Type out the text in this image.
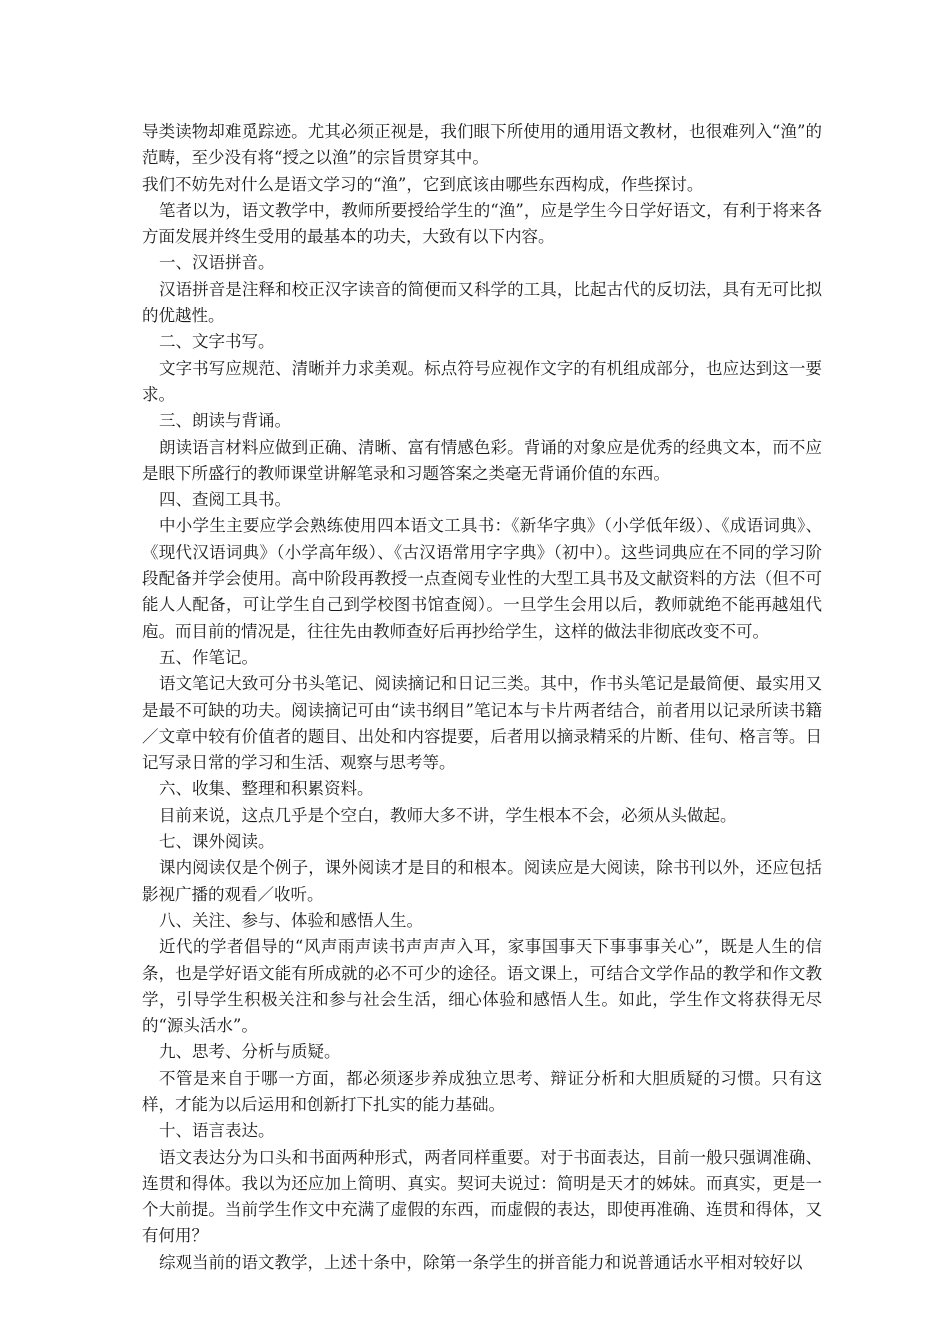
导类读物却难觅踪迹。尤其必须正视是，我们眼下所使用的通用语文教材，也很难列入“渔”的范畴，至少没有将“授之以渔”的宗旨贯穿其中。

我们不妨先对什么是语文学习的“渔”，它到底该由哪些东西构成，作些探讨。

笔者以为，语文教学中，教师所要授给学生的“渔”，应是学生今日学好语文，有利于将来各方面发展并终生受用的最基本的功夫，大致有以下内容。

一、汉语拼音。

汉语拼音是注释和校正汉字读音的简便而又科学的工具，比起古代的反切法，具有无可比拟的优越性。

二、文字书写。

文字书写应规范、清晰并力求美观。标点符号应视作文字的有机组成部分，也应达到这一要求。

三、朗读与背诵。

朗读语言材料应做到正确、清晰、富有情感色彩。背诵的对象应是优秀的经典文本，而不应是眼下所盛行的教师课堂讲解笔录和习题答案之类毫无背诵价值的东西。

四、查阅工具书。

中小学生主要应学会熟练使用四本语文工具书：《新华字典》（小学低年级）、《成语词典》、《现代汉语词典》（小学高年级）、《古汉语常用字字典》（初中）。这些词典应在不同的学习阶段配备并学会使用。高中阶段再教授一点查阅专业性的大型工具书及文献资料的方法（但不可能人人配备，可让学生自己到学校图书馆查阅）。一旦学生会用以后，教师就绝不能再越俎代庖。而目前的情况是，往往先由教师查好后再抄给学生，这样的做法非彻底改变不可。

五、作笔记。

语文笔记大致可分书头笔记、阅读摘记和日记三类。其中，作书头笔记是最简便、最实用又是最不可缺的功夫。阅读摘记可由“读书纲目”笔记本与卡片两者结合，前者用以记录所读书籍／文章中较有价值者的题目、出处和内容提要，后者用以摘录精采的片断、佳句、格言等。日记写录日常的学习和生活、观察与思考等。

六、收集、整理和积累资料。

目前来说，这点几乎是个空白，教师大多不讲，学生根本不会，必须从头做起。

七、课外阅读。

课内阅读仅是个例子，课外阅读才是目的和根本。阅读应是大阅读，除书刊以外，还应包括影视广播的观看／收听。

八、关注、参与、体验和感悟人生。

近代的学者倡导的“风声雨声读书声声声入耳，家事国事天下事事事关心”，既是人生的信条，也是学好语文能有所成就的必不可少的途径。语文课上，可结合文学作品的教学和作文教学，引导学生积极关注和参与社会生活，细心体验和感悟人生。如此，学生作文将获得无尽的“源头活水”。

九、思考、分析与质疑。

不管是来自于哪一方面，都必须逐步养成独立思考、辩证分析和大胆质疑的习惯。只有这样，才能为以后运用和创新打下扎实的能力基础。

十、语言表达。

语文表达分为口头和书面两种形式，两者同样重要。对于书面表达，目前一般只强调准确、连贯和得体。我以为还应加上简明、真实。契诃夫说过：简明是天才的姊妹。而真实，更是一个大前提。当前学生作文中充满了虚假的东西，而虚假的表达，即使再准确、连贯和得体，又有何用？

综观当前的语文教学，上述十条中，除第一条学生的拼音能力和说普通话水平相对较好以
